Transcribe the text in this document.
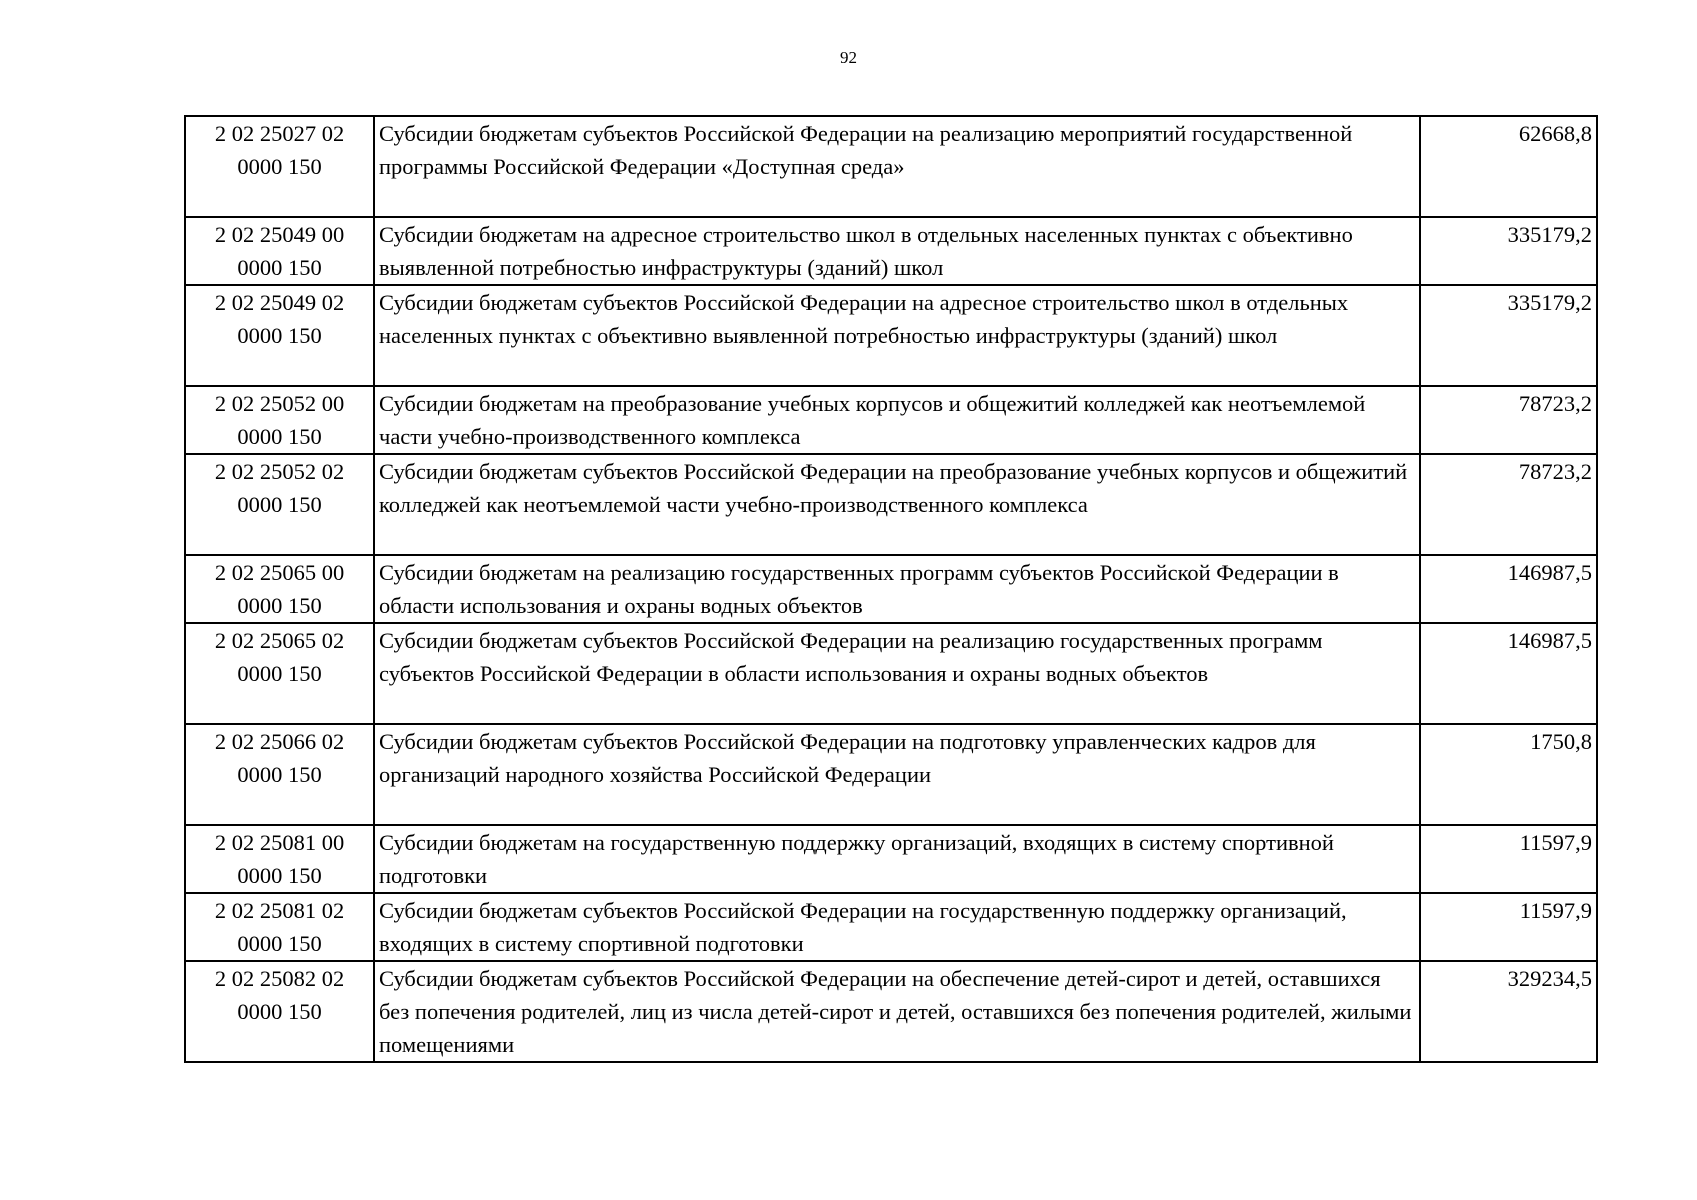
92
2 02 25027 02
0000 150	Субсидии бюджетам субъектов Российской Федерации на реализацию мероприятий государственной программы Российской Федерации «Доступная среда»	62668,8
2 02 25049 00
0000 150	Субсидии бюджетам на адресное строительство школ в отдельных населенных пунктах с объективно выявленной потребностью инфраструктуры (зданий) школ	335179,2
2 02 25049 02
0000 150	Субсидии бюджетам субъектов Российской Федерации на адресное строительство школ в отдельных населенных пунктах с объективно выявленной потребностью инфраструктуры (зданий) школ	335179,2
2 02 25052 00
0000 150	Субсидии бюджетам на преобразование учебных корпусов и общежитий колледжей как неотъемлемой части учебно-производственного комплекса	78723,2
2 02 25052 02
0000 150	Субсидии бюджетам субъектов Российской Федерации на преобразование учебных корпусов и общежитий колледжей как неотъемлемой части учебно-производственного комплекса	78723,2
2 02 25065 00
0000 150	Субсидии бюджетам на реализацию государственных программ субъектов Российской Федерации в области использования и охраны водных объектов	146987,5
2 02 25065 02
0000 150	Субсидии бюджетам субъектов Российской Федерации на реализацию государственных программ субъектов Российской Федерации в области использования и охраны водных объектов	146987,5
2 02 25066 02
0000 150	Субсидии бюджетам субъектов Российской Федерации на подготовку управленческих кадров для организаций народного хозяйства Российской Федерации	1750,8
2 02 25081 00
0000 150	Субсидии бюджетам на государственную поддержку организаций, входящих в систему спортивной подготовки	11597,9
2 02 25081 02
0000 150	Субсидии бюджетам субъектов Российской Федерации на государственную поддержку организаций, входящих в систему спортивной подготовки	11597,9
2 02 25082 02
0000 150	Субсидии бюджетам субъектов Российской Федерации на обеспечение детей-сирот и детей, оставшихся без попечения родителей, лиц из числа детей-сирот и детей, оставшихся без попечения родителей, жилыми помещениями	329234,5
